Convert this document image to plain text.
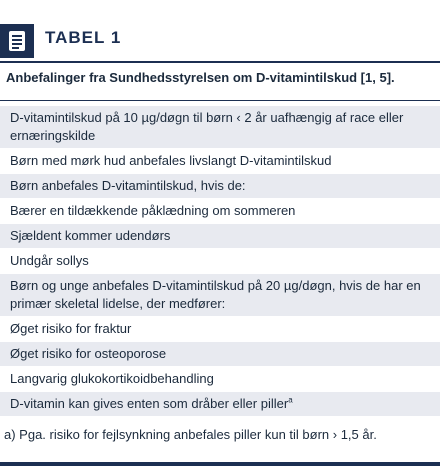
TABEL 1
Anbefalinger fra Sundhedsstyrelsen om D-vitamintilskud [1, 5].
D-vitamintilskud på 10 µg/døgn til børn ‹ 2 år uafhængig af race eller ernæringskilde
Børn med mørk hud anbefales livslangt D-vitamintilskud
Børn anbefales D-vitamintilskud, hvis de:
Bærer en tildækkende påklædning om sommeren
Sjældent kommer udendørs
Undgår sollys
Børn og unge anbefales D-vitamintilskud på 20 µg/døgn, hvis de har en primær skeletal lidelse, der medfører:
Øget risiko for fraktur
Øget risiko for osteoporose
Langvarig glukokortikoidbehandling
D-vitamin kan gives enten som dråber eller piller$^a$
a) Pga. risiko for fejlsynkning anbefales piller kun til børn › 1,5 år.
